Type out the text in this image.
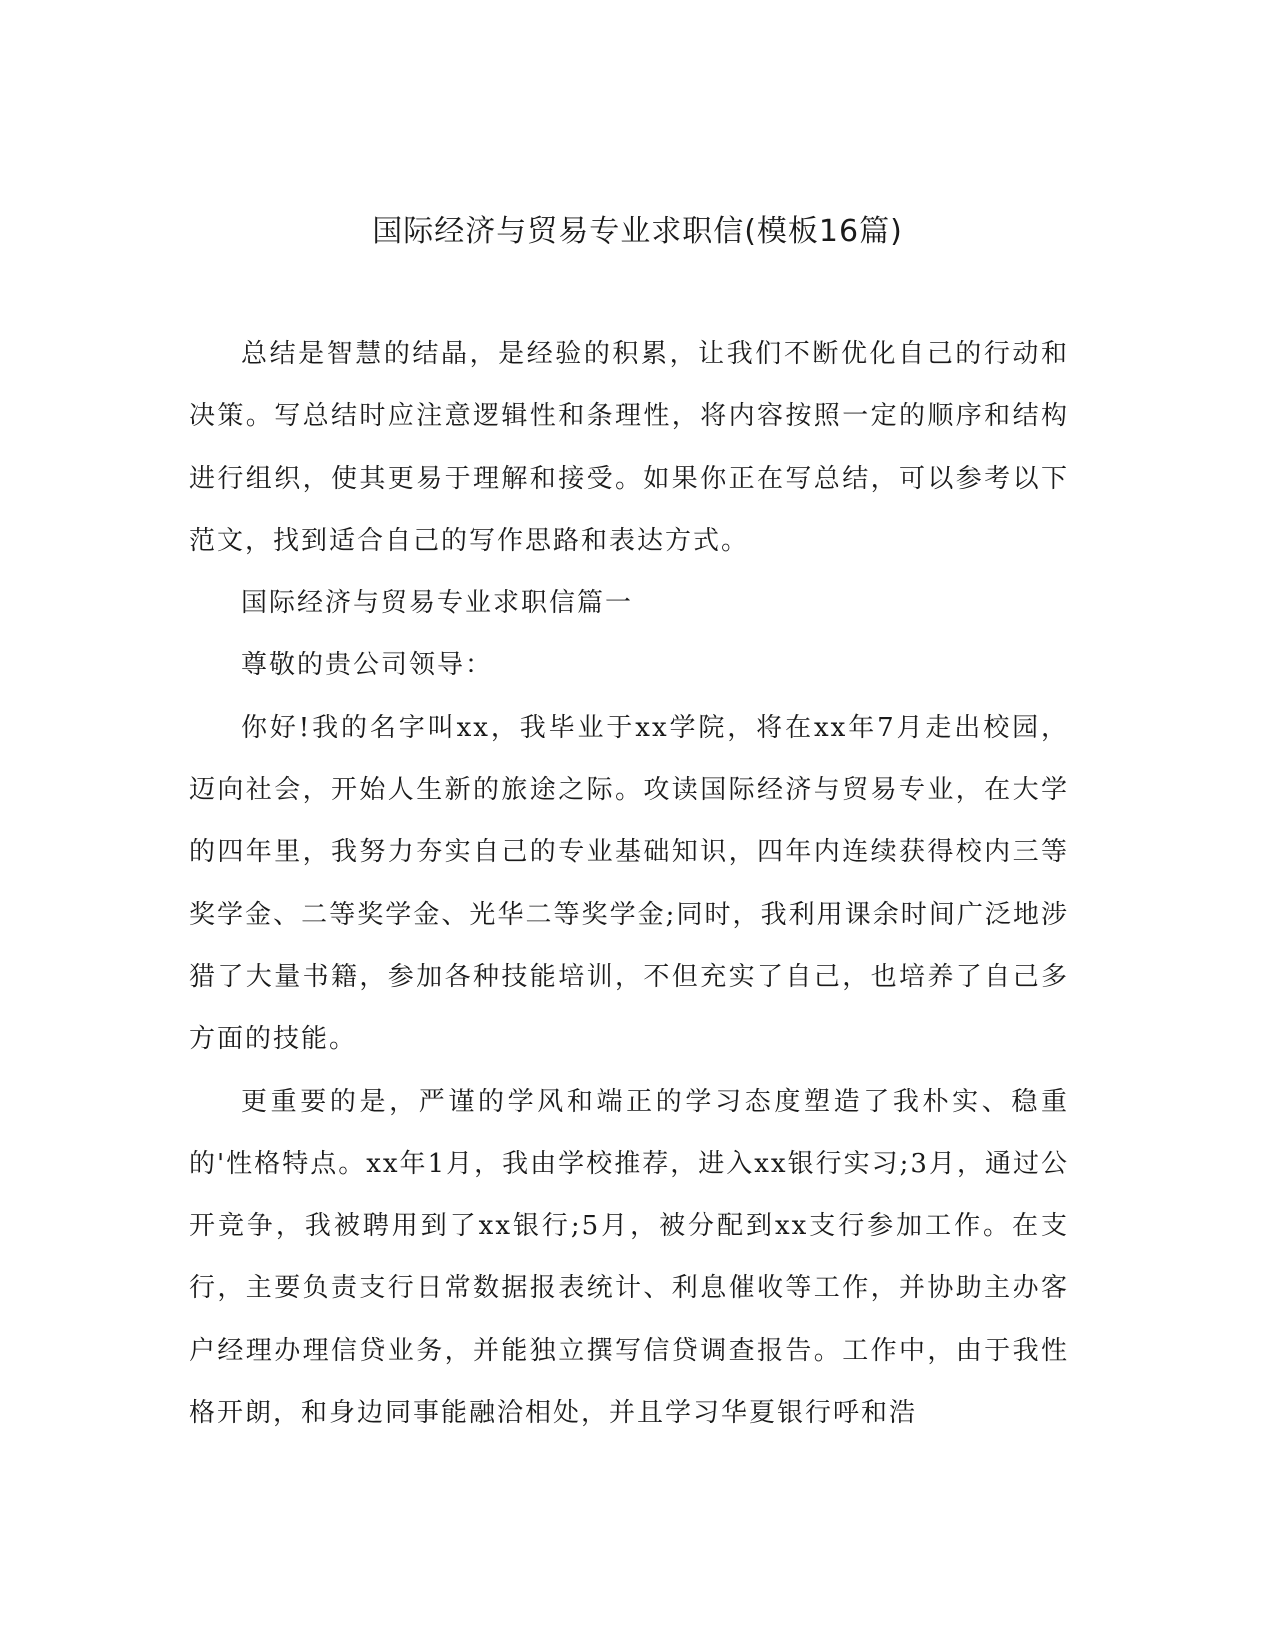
国际经济与贸易专业求职信(模板16篇)

总结是智慧的结晶，是经验的积累，让我们不断优化自己的行动和决策。写总结时应注意逻辑性和条理性，将内容按照一定的顺序和结构进行组织，使其更易于理解和接受。如果你正在写总结，可以参考以下范文，找到适合自己的写作思路和表达方式。

国际经济与贸易专业求职信篇一

尊敬的贵公司领导：

你好!我的名字叫xx，我毕业于xx学院，将在xx年7月走出校园，迈向社会，开始人生新的旅途之际。攻读国际经济与贸易专业，在大学的四年里，我努力夯实自己的专业基础知识，四年内连续获得校内三等奖学金、二等奖学金、光华二等奖学金;同时，我利用课余时间广泛地涉猎了大量书籍，参加各种技能培训，不但充实了自己，也培养了自己多方面的技能。

更重要的是，严谨的学风和端正的学习态度塑造了我朴实、稳重的'性格特点。xx年1月，我由学校推荐，进入xx银行实习;3月，通过公开竞争，我被聘用到了xx银行;5月，被分配到xx支行参加工作。在支行，主要负责支行日常数据报表统计、利息催收等工作，并协助主办客户经理办理信贷业务，并能独立撰写信贷调查报告。工作中，由于我性格开朗，和身边同事能融洽相处，并且学习华夏银行呼和浩
